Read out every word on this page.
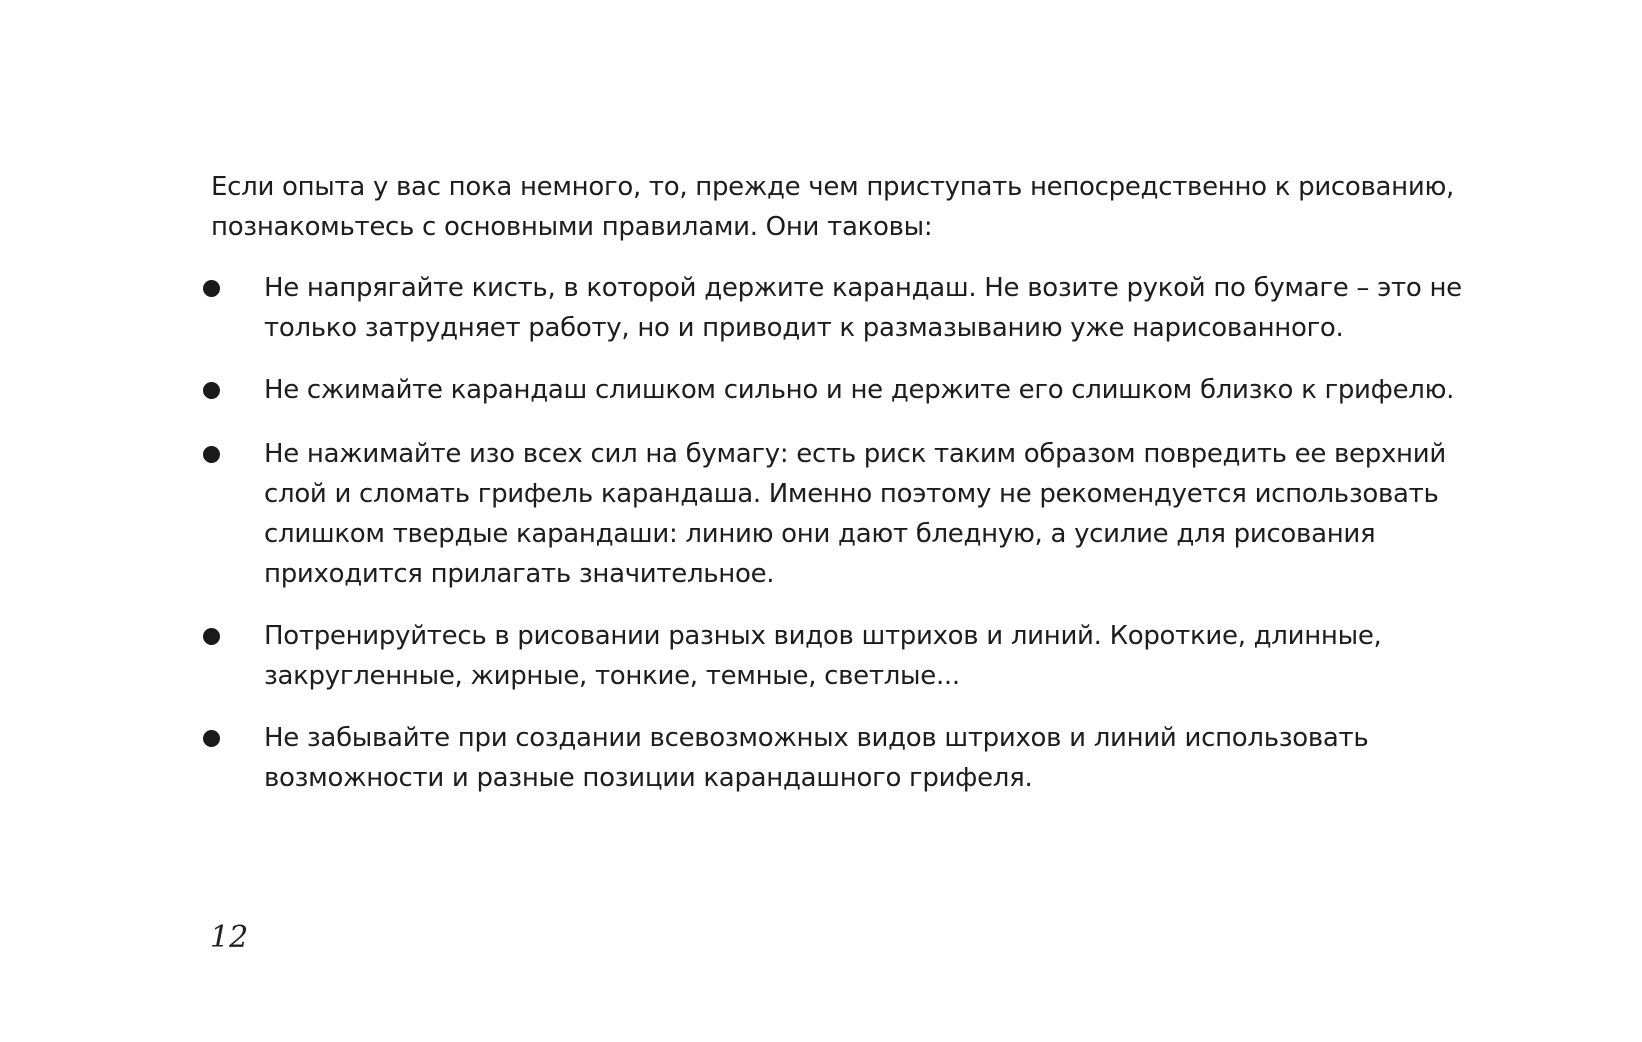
Если опыта у вас пока немного, то, прежде чем приступать непосредственно к рисованию, познакомьтесь с основными правилами. Они таковы:

Не напрягайте кисть, в которой держите карандаш. Не возите рукой по бумаге – это не только затрудняет работу, но и приводит к размазыванию уже нарисованного.
Не сжимайте карандаш слишком сильно и не держите его слишком близко к грифелю.
Не нажимайте изо всех сил на бумагу: есть риск таким образом повредить ее верхний слой и сломать грифель карандаша. Именно поэтому не рекомендуется использовать слишком твердые карандаши: линию они дают бледную, а усилие для рисования приходится прилагать значительное.
Потренируйтесь в рисовании разных видов штрихов и линий. Короткие, длинные, закругленные, жирные, тонкие, темные, светлые...
Не забывайте при создании всевозможных видов штрихов и линий использовать возможности и разные позиции карандашного грифеля.
12
